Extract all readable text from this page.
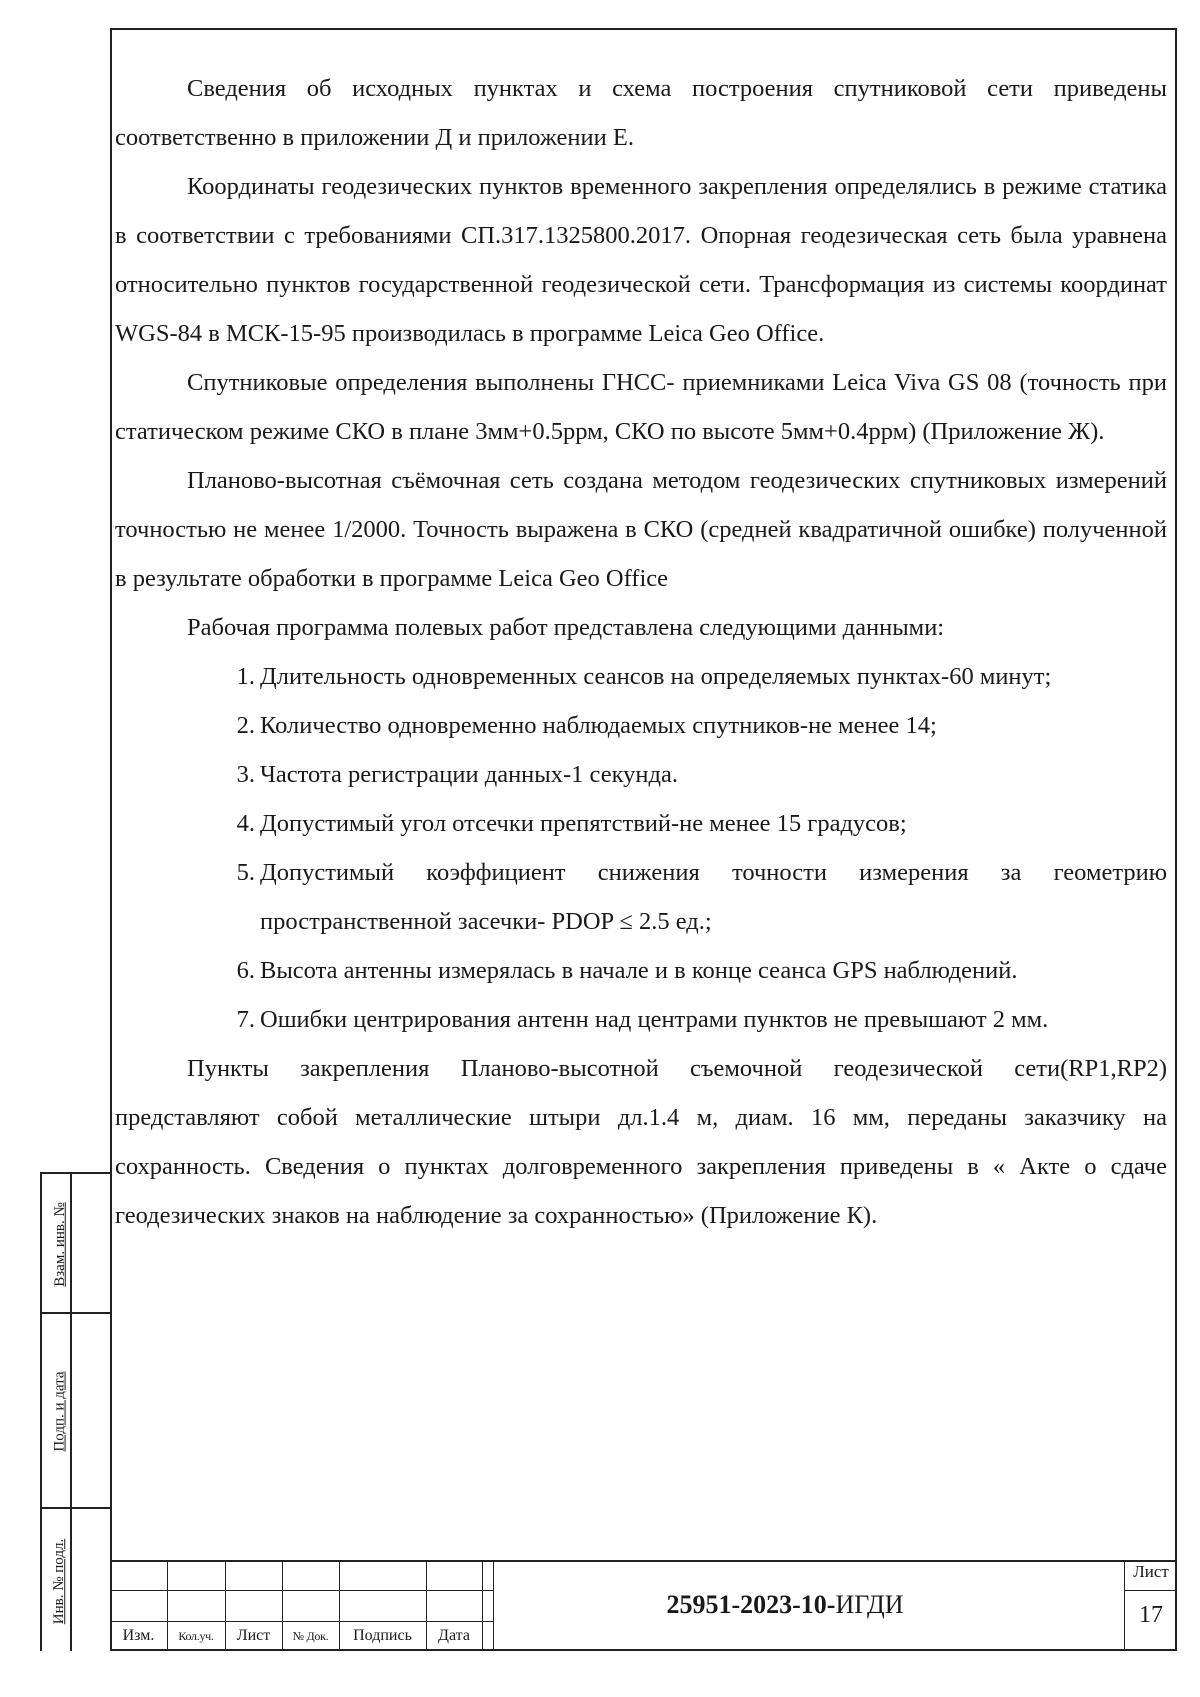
Сведения об исходных пунктах и схема построения спутниковой сети приведены соответственно в приложении Д и приложении Е.

Координаты геодезических пунктов временного закрепления определялись в режиме статика в соответствии с требованиями СП.317.1325800.2017. Опорная геодезическая сеть была уравнена относительно пунктов государственной геодезической сети. Трансформация из системы координат WGS-84 в МСК-15-95 производилась в программе Leica Geo Office.

Спутниковые определения выполнены ГНСС- приемниками Leica Viva GS 08 (точность при статическом режиме СКО в плане 3мм+0.5ррм, СКО по высоте 5мм+0.4ррм) (Приложение Ж).

Планово-высотная съёмочная сеть создана методом геодезических спутниковых измерений точностью не менее 1/2000. Точность выражена в СКО (средней квадратичной ошибке) полученной в результате обработки в программе Leica Geo Office

Рабочая программа полевых работ представлена следующими данными:

1. Длительность одновременных сеансов на определяемых пунктах-60 минут;
2. Количество одновременно наблюдаемых спутников-не менее 14;
3. Частота регистрации данных-1 секунда.
4. Допустимый угол отсечки препятствий-не менее 15 градусов;
5. Допустимый коэффициент снижения точности измерения за геометрию пространственной засечки- PDOP ≤ 2.5 ед.;
6. Высота антенны измерялась в начале и в конце сеанса GPS наблюдений.
7. Ошибки центрирования антенн над центрами пунктов не превышают 2 мм.

Пункты закрепления Планово-высотной съемочной геодезической сети(RP1,RP2) представляют собой металлические штыри дл.1.4 м, диам. 16 мм, переданы заказчику на сохранность. Сведения о пунктах долговременного закрепления приведены в « Акте о сдаче геодезических знаков на наблюдение за сохранностью» (Приложение К).

Взам. инв. №
Подп. и дата
Инв. № подл.
Изм.	Кол.уч.	Лист	№ Док.	Подпись	Дата
25951-2023-10-ИГДИ
Лист
17
